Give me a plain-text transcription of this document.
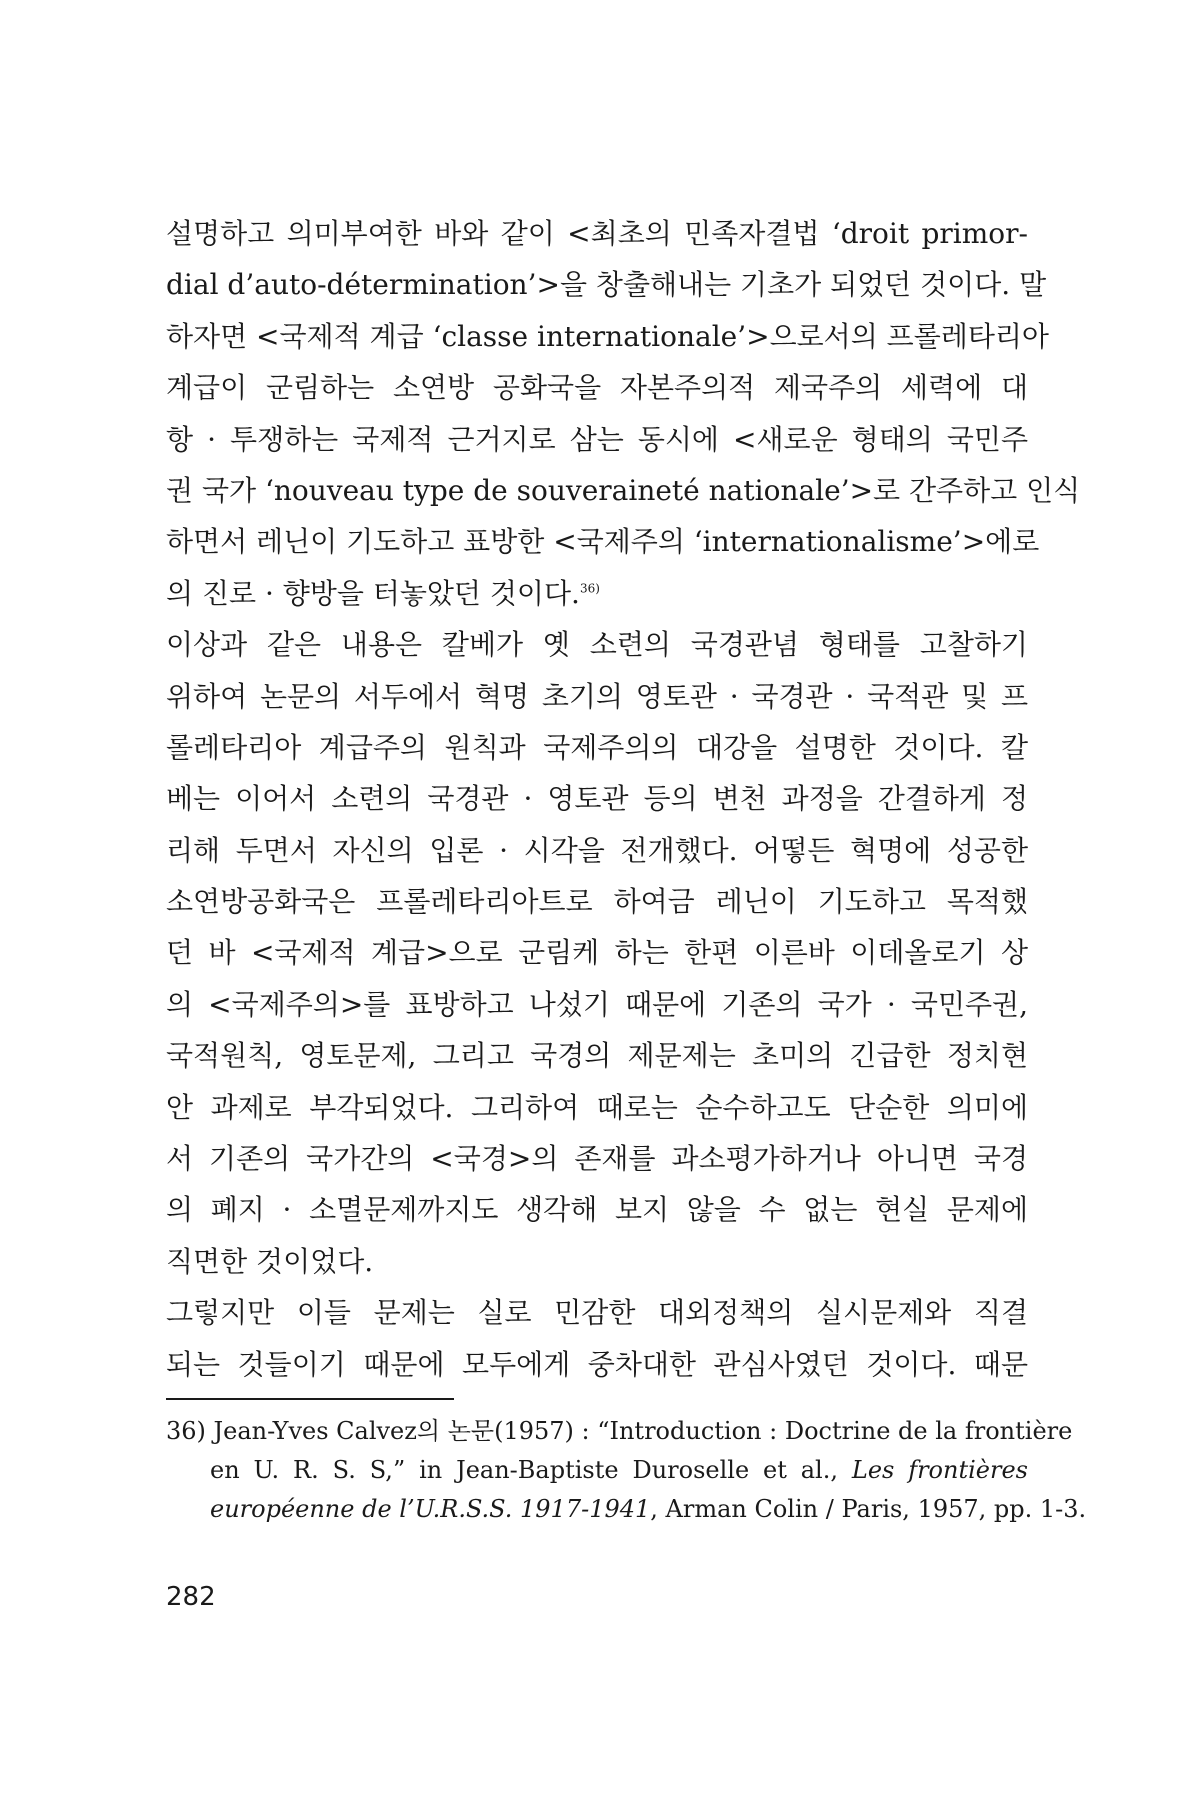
설명하고 의미부여한 바와 같이 <최초의 민족자결법 ‘droit primor-
dial d’auto-détermination’>을 창출해내는 기초가 되었던 것이다. 말
하자면 <국제적 계급 ‘classe internationale’>으로서의 프롤레타리아
계급이 군림하는 소연방 공화국을 자본주의적 제국주의 세력에 대
항 · 투쟁하는 국제적 근거지로 삼는 동시에 <새로운 형태의 국민주
권 국가 ‘nouveau type de souveraineté nationale’>로 간주하고 인식
하면서 레닌이 기도하고 표방한 <국제주의 ‘internationalisme’>에로
의 진로 · 향방을 터놓았던 것이다.$^{36)}$
이상과 같은 내용은 칼베가 옛 소련의 국경관념 형태를 고찰하기
위하여 논문의 서두에서 혁명 초기의 영토관 · 국경관 · 국적관 및 프
롤레타리아 계급주의 원칙과 국제주의의 대강을 설명한 것이다. 칼
베는 이어서 소련의 국경관 · 영토관 등의 변천 과정을 간결하게 정
리해 두면서 자신의 입론 · 시각을 전개했다. 어떻든 혁명에 성공한
소연방공화국은 프롤레타리아트로 하여금 레닌이 기도하고 목적했
던 바 <국제적 계급>으로 군림케 하는 한편 이른바 이데올로기 상
의 <국제주의>를 표방하고 나섰기 때문에 기존의 국가 · 국민주권,
국적원칙, 영토문제, 그리고 국경의 제문제는 초미의 긴급한 정치현
안 과제로 부각되었다. 그리하여 때로는 순수하고도 단순한 의미에
서 기존의 국가간의 <국경>의 존재를 과소평가하거나 아니면 국경
의 폐지 · 소멸문제까지도 생각해 보지 않을 수 없는 현실 문제에
직면한 것이었다.
그렇지만 이들 문제는 실로 민감한 대외정책의 실시문제와 직결
되는 것들이기 때문에 모두에게 중차대한 관심사였던 것이다. 때문
36) Jean-Yves Calvez의 논문(1957) : “Introduction : Doctrine de la frontière
en U. R. S. S,” in Jean-Baptiste Duroselle et al., Les frontières
européenne de l’U.R.S.S. 1917-1941, Arman Colin / Paris, 1957, pp. 1-3.
282
